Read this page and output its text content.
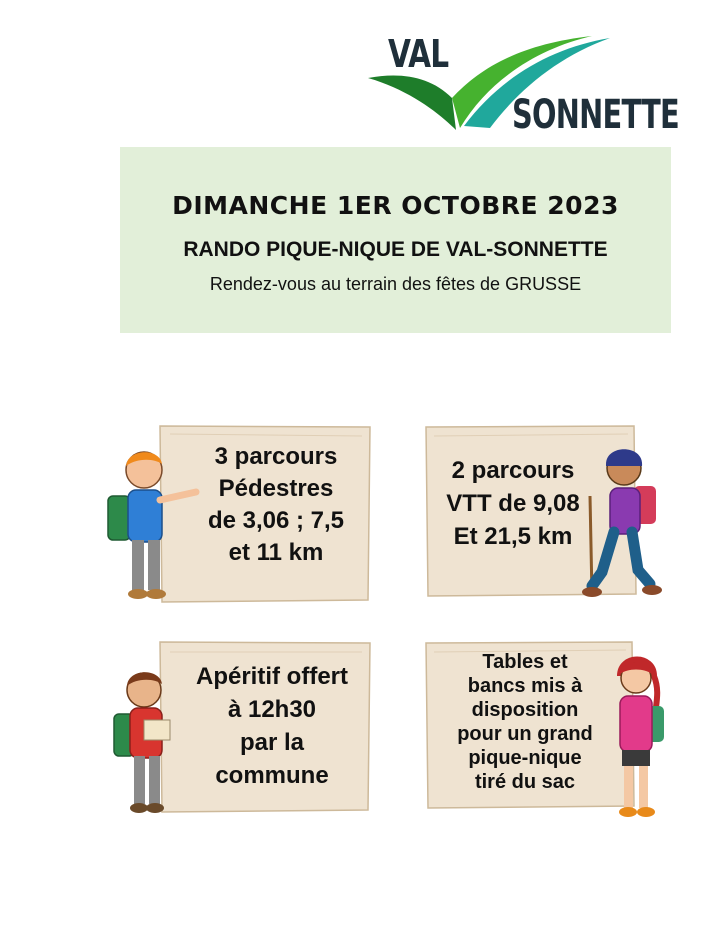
VAL
SONNETTE
DIMANCHE 1ER OCTOBRE 2023
RANDO PIQUE-NIQUE DE VAL-SONNETTE
Rendez-vous au terrain des fêtes de GRUSSE
3 parcours
Pédestres
de 3,06 ; 7,5
et 11 km
2 parcours
VTT de 9,08
Et 21,5 km
Apéritif offert
à 12h30
par la
commune
Tables et
bancs mis à
disposition
pour un grand
pique-nique
tiré du sac
